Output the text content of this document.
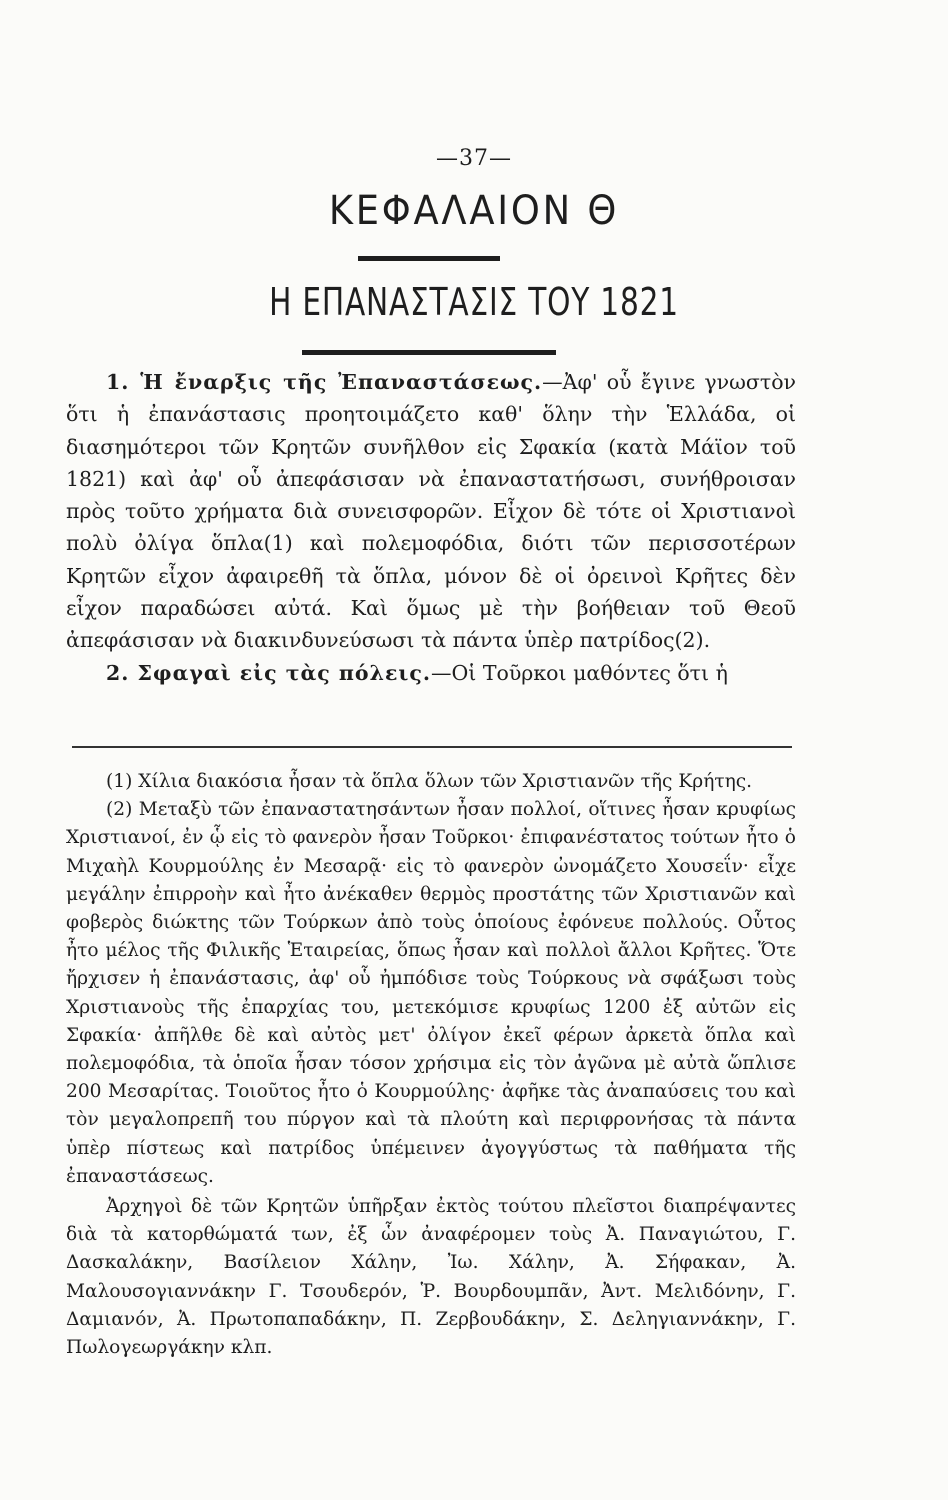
—37—
ΚΕΦΑΛΑΙΟΝ Θ
Η ΕΠΑΝΑΣΤΑΣΙΣ ΤΟΥ 1821
1. Ἡ ἔναρξις τῆς Ἐπαναστάσεως.—Ἀφ' οὗ ἔγινε γνωστὸν ὅτι ἡ ἐπανάστασις προητοιμάζετο καθ' ὅλην τὴν Ἑλλάδα, οἱ διασημότεροι τῶν Κρητῶν συνῆλθον εἰς Σφακία (κατὰ Μάϊον τοῦ 1821) καὶ ἀφ' οὗ ἀπεφάσισαν νὰ ἐπαναστατήσωσι, συνήθροισαν πρὸς τοῦτο χρήματα διὰ συνεισφορῶν. Εἶχον δὲ τότε οἱ Χριστιανοὶ πολὺ ὀλίγα ὅπλα(1) καὶ πολεμοφόδια, διότι τῶν περισσοτέρων Κρητῶν εἶχον ἀφαιρεθῆ τὰ ὅπλα, μόνον δὲ οἱ ὀρεινοὶ Κρῆτες δὲν εἶχον παραδώσει αὐτά. Καὶ ὅμως μὲ τὴν βοήθειαν τοῦ Θεοῦ ἀπεφάσισαν νὰ διακινδυνεύσωσι τὰ πάντα ὑπὲρ πατρίδος(2).
2. Σφαγαὶ εἰς τὰς πόλεις.—Οἱ Τοῦρκοι μαθόντες ὅτι ἡ

(1) Χίλια διακόσια ἦσαν τὰ ὅπλα ὅλων τῶν Χριστιανῶν τῆς Κρήτης.

(2) Μεταξὺ τῶν ἐπαναστατησάντων ἦσαν πολλοί, οἵτινες ἦσαν κρυφίως Χριστιανοί, ἐν ᾧ εἰς τὸ φανερὸν ἦσαν Τοῦρκοι· ἐπιφανέστατος τούτων ἦτο ὁ Μιχαὴλ Κουρμούλης ἐν Μεσαρᾷ· εἰς τὸ φανερὸν ὠνομάζετο Χουσεΐν· εἶχε μεγάλην ἐπιρροὴν καὶ ἦτο ἀνέκαθεν θερμὸς προστάτης τῶν Χριστιανῶν καὶ φοβερὸς διώκτης τῶν Τούρκων ἀπὸ τοὺς ὁποίους ἐφόνευε πολλούς. Οὗτος ἦτο μέλος τῆς Φιλικῆς Ἑταιρείας, ὅπως ἦσαν καὶ πολλοὶ ἄλλοι Κρῆτες. Ὅτε ἤρχισεν ἡ ἐπανάστασις, ἀφ' οὗ ἠμπόδισε τοὺς Τούρκους νὰ σφάξωσι τοὺς Χριστιανοὺς τῆς ἐπαρχίας του, μετεκόμισε κρυφίως 1200 ἐξ αὐτῶν εἰς Σφακία· ἀπῆλθε δὲ καὶ αὐτὸς μετ' ὀλίγον ἐκεῖ φέρων ἀρκετὰ ὅπλα καὶ πολεμοφόδια, τὰ ὁποῖα ἦσαν τόσον χρήσιμα εἰς τὸν ἀγῶνα μὲ αὐτὰ ὥπλισε 200 Μεσαρίτας. Τοιοῦτος ἦτο ὁ Κουρμούλης· ἀφῆκε τὰς ἀναπαύσεις του καὶ τὸν μεγαλοπρεπῆ του πύργον καὶ τὰ πλούτη καὶ περιφρονήσας τὰ πάντα ὑπὲρ πίστεως καὶ πατρίδος ὑπέμεινεν ἀγογγύστως τὰ παθήματα τῆς ἐπαναστάσεως.

Ἀρχηγοὶ δὲ τῶν Κρητῶν ὑπῆρξαν ἐκτὸς τούτου πλεῖστοι διαπρέψαντες διὰ τὰ κατορθώματά των, ἐξ ὧν ἀναφέρομεν τοὺς Ἀ. Παναγιώτου, Γ. Δασκαλάκην, Βασίλειον Χάλην, Ἰω. Χάλην, Ἀ. Σήφακαν, Ἀ. Μαλουσογιαννάκην Γ. Τσουδερόν, Ῥ. Βουρδουμπᾶν, Ἀντ. Μελιδόνην, Γ. Δαμιανόν, Ἀ. Πρωτοπαπαδάκην, Π. Ζερβουδάκην, Σ. Δεληγιαννάκην, Γ. Πωλογεωργάκην κλπ.
